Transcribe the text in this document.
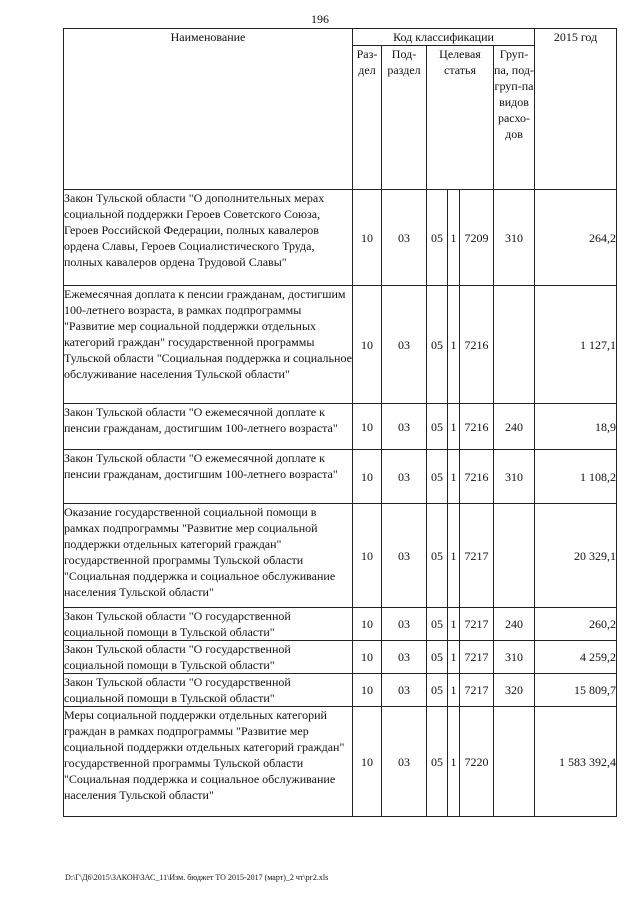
196
Наименование	Код классификации						2015 год
	Раз-дел	Под-раздел	Целевая статья			Груп-па, под-груп-па видов расхо-дов	
Закон Тульской области "О дополнительных мерах социальной поддержки Героев Советского Союза, Героев Российской Федерации, полных кавалеров ордена Славы, Героев Социалистического Труда, полных кавалеров ордена Трудовой Славы"	10	03	05	1	7209	310	264,2
Ежемесячная доплата к пенсии гражданам, достигшим 100-летнего возраста, в рамках подпрограммы "Развитие мер социальной поддержки отдельных категорий граждан" государственной программы Тульской области "Социальная поддержка и социальное обслуживание населения Тульской области"	10	03	05	1	7216		1 127,1
Закон Тульской области "О ежемесячной доплате к пенсии гражданам, достигшим 100-летнего возраста"	10	03	05	1	7216	240	18,9
Закон Тульской области "О ежемесячной доплате к пенсии гражданам, достигшим 100-летнего возраста"	10	03	05	1	7216	310	1 108,2
Оказание государственной социальной помощи в рамках подпрограммы "Развитие мер социальной поддержки отдельных категорий граждан" государственной программы Тульской области "Социальная поддержка и социальное обслуживание населения Тульской области"	10	03	05	1	7217		20 329,1
Закон Тульской области "О государственной социальной помощи в Тульской области"	10	03	05	1	7217	240	260,2
Закон Тульской области "О государственной социальной помощи в Тульской области"	10	03	05	1	7217	310	4 259,2
Закон Тульской области "О государственной социальной помощи в Тульской области"	10	03	05	1	7217	320	15 809,7
Меры социальной поддержки отдельных категорий граждан в рамках подпрограммы "Развитие мер социальной поддержки отдельных категорий граждан" государственной программы Тульской области "Социальная поддержка и социальное обслуживание населения Тульской области"	10	03	05	1	7220		1 583 392,4
D:\Г\Д6\2015\ЗАКОН\ЗАС_11\Изм. бюджет ТО 2015-2017 (март)_2 чт\рг2.xls
